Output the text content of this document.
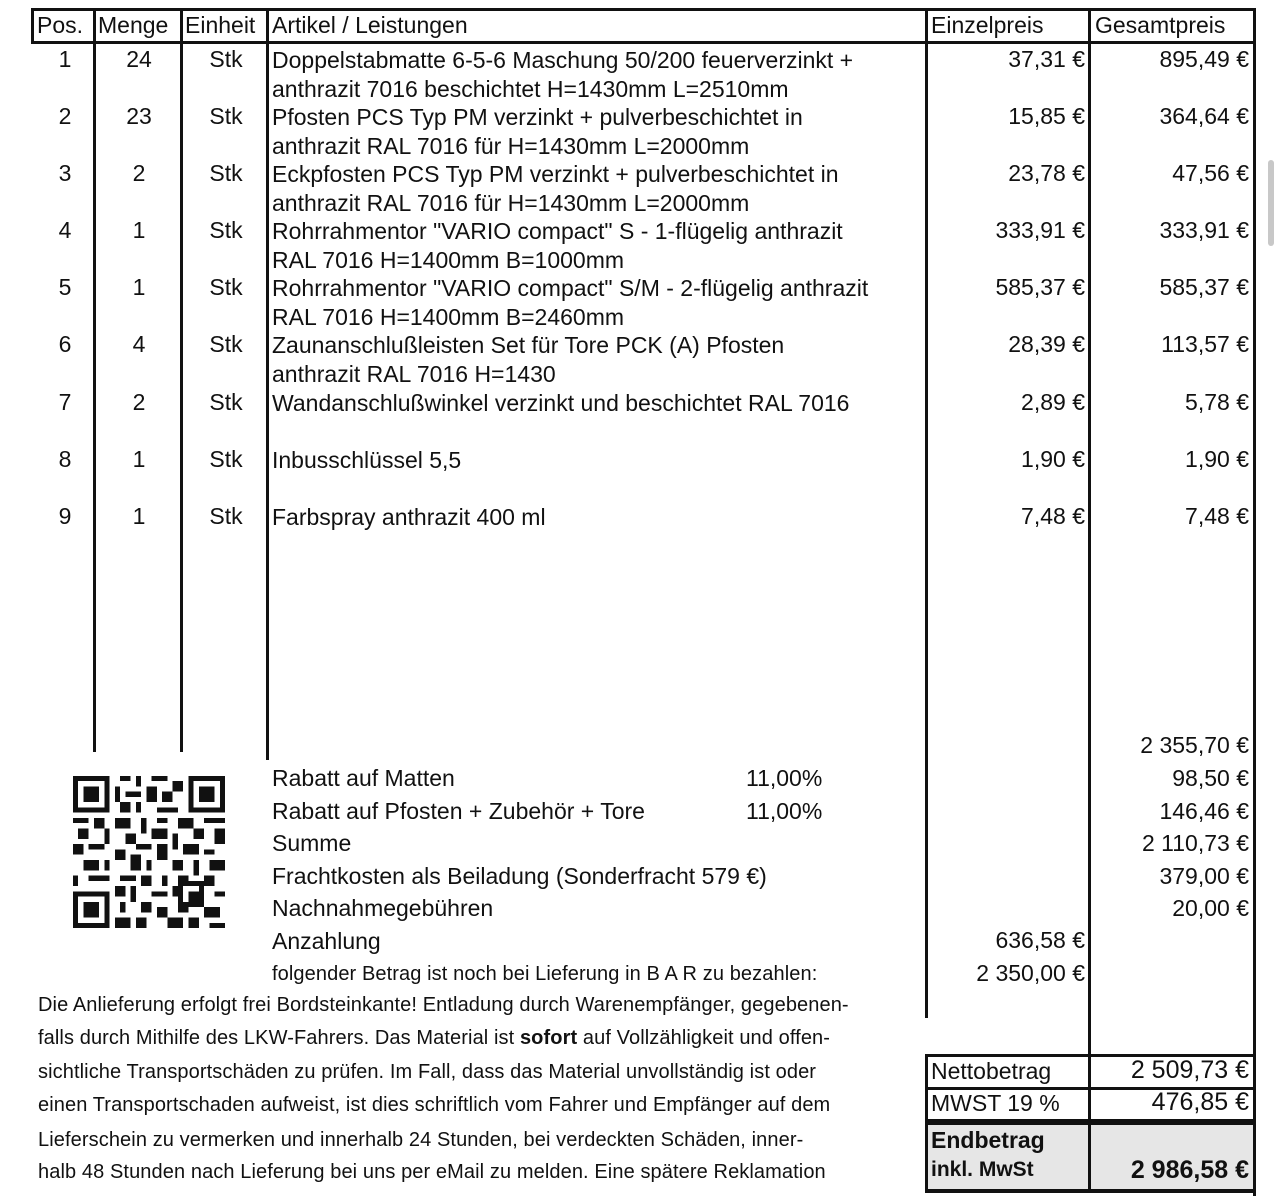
Pos. Menge Einheit Artikel / Leistungen	Einzelpreis Gesamtpreis
1	24	Stk	Doppelstabmatte 6-5-6 Maschung 50/200 feuerverzinkt +
anthrazit 7016 beschichtet H=1430mm L=2510mm
37,31 €	895,49 €
2	23	Stk	Pfosten PCS Typ PM verzinkt + pulverbeschichtet in
anthrazit RAL 7016 für H=1430mm L=2000mm
15,85 €	364,64 €
3	2	Stk	Eckpfosten PCS Typ PM verzinkt + pulverbeschichtet in
anthrazit RAL 7016 für H=1430mm L=2000mm
23,78 €	47,56 €
4	1	Stk	Rohrrahmentor "VARIO compact" S - 1-flügelig anthrazit
RAL 7016 H=1400mm B=1000mm
333,91 €	333,91 €
5	1	Stk	Rohrrahmentor "VARIO compact" S/M - 2-flügelig anthrazit
RAL 7016 H=1400mm B=2460mm
585,37 €	585,37 €
6	4	Stk	Zaunanschlußleisten Set für Tore PCK (A) Pfosten
anthrazit RAL 7016 H=1430
28,39 €	113,57 €
7	2	Stk	Wandanschlußwinkel verzinkt und beschichtet RAL 7016	2,89 €	5,78 €
8	1	Stk	Inbusschlüssel 5,5	1,90 €	1,90 €
9	1	Stk	Farbspray anthrazit 400 ml	7,48 €	7,48 €
2 355,70 €
Rabatt auf Matten	11,00%	98,50 €
Rabatt auf Pfosten + Zubehör + Tore	11,00%	146,46 €
Summe	2 110,73 €
Frachtkosten als Beiladung (Sonderfracht 579 €)	379,00 €
Nachnahmegebühren	20,00 €
Anzahlung	636,58 €
folgender Betrag ist noch bei Lieferung in B A R zu bezahlen:	2 350,00 €
Die Anlieferung erfolgt frei Bordsteinkante! Entladung durch Warenempfänger, gegebenen-
falls durch Mithilfe des LKW-Fahrers. Das Material ist sofort auf Vollzähligkeit und offen-
sichtliche Transportschäden zu prüfen. Im Fall, dass das Material unvollständig ist oder
einen Transportschaden aufweist, ist dies schriftlich vom Fahrer und Empfänger auf dem
Lieferschein zu vermerken und innerhalb 24 Stunden, bei verdeckten Schäden, inner-
halb 48 Stunden nach Lieferung bei uns per eMail zu melden. Eine spätere Reklamation
Nettobetrag	2 509,73 €
MWST 19 %	476,85 €
Endbetrag
inkl. MwSt	2 986,58 €
